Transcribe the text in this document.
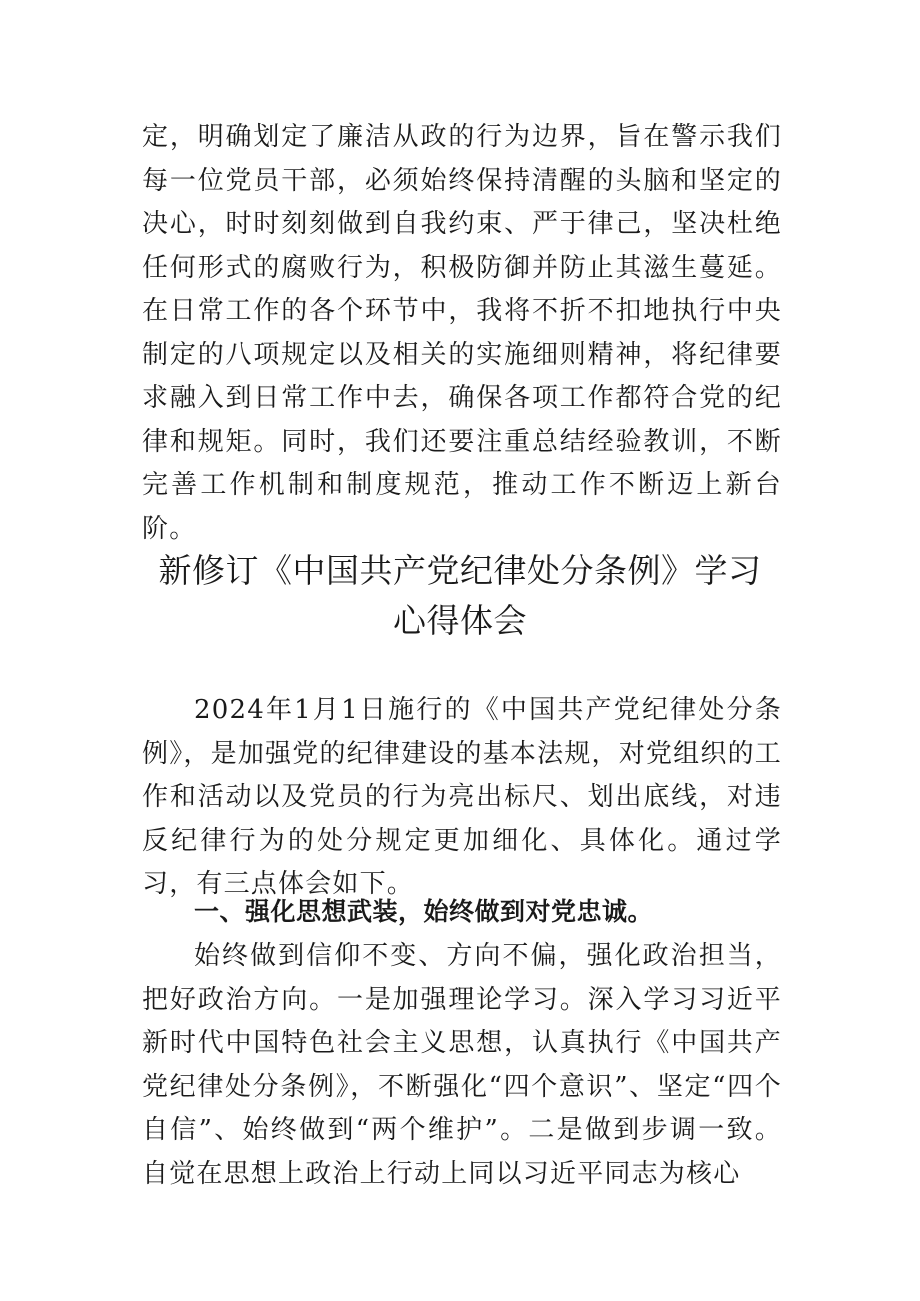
定，明确划定了廉洁从政的行为边界，旨在警示我们每一位党员干部，必须始终保持清醒的头脑和坚定的决心，时时刻刻做到自我约束、严于律己，坚决杜绝任何形式的腐败行为，积极防御并防止其滋生蔓延。在日常工作的各个环节中，我将不折不扣地执行中央制定的八项规定以及相关的实施细则精神，将纪律要求融入到日常工作中去，确保各项工作都符合党的纪律和规矩。同时，我们还要注重总结经验教训，不断完善工作机制和制度规范，推动工作不断迈上新台阶。

新修订《中国共产党纪律处分条例》学习
心得体会

2024年1月1日施行的《中国共产党纪律处分条例》，是加强党的纪律建设的基本法规，对党组织的工作和活动以及党员的行为亮出标尺、划出底线，对违反纪律行为的处分规定更加细化、具体化。通过学习，有三点体会如下。

一、强化思想武装，始终做到对党忠诚。

始终做到信仰不变、方向不偏，强化政治担当，把好政治方向。一是加强理论学习。深入学习习近平新时代中国特色社会主义思想，认真执行《中国共产党纪律处分条例》，不断强化“四个意识”、坚定“四个自信”、始终做到“两个维护”。二是做到步调一致。自觉在思想上政治上行动上同以习近平同志为核心
